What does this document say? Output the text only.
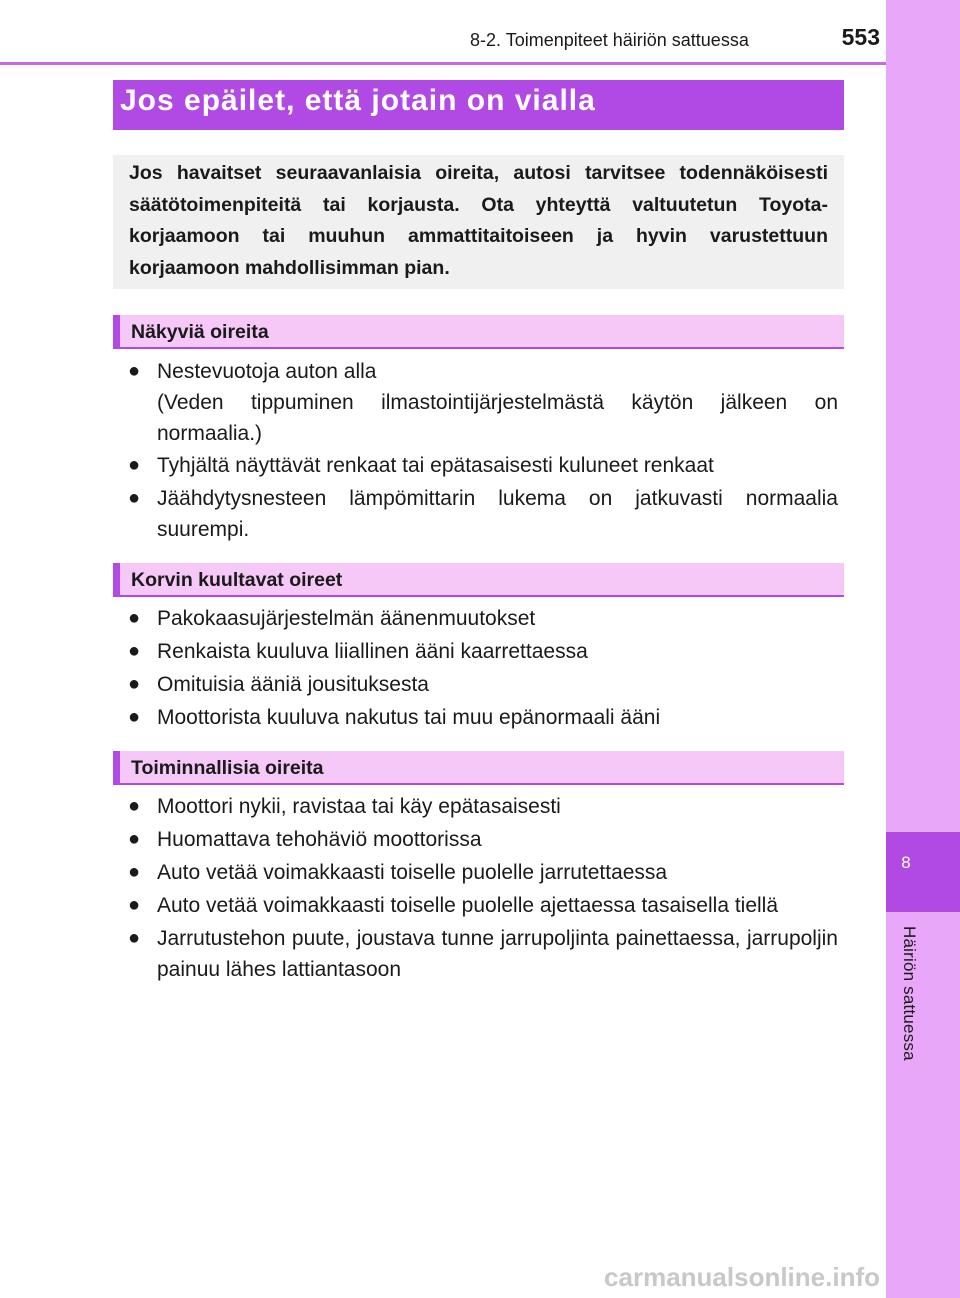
8
Häiriön sattuessa
8-2. Toimenpiteet häiriön sattuessa	553
Jos epäilet, että jotain on vialla
Jos havaitset seuraavanlaisia oireita, autosi tarvitsee todennäköisesti säätötoimenpiteitä tai korjausta. Ota yhteyttä valtuutetun Toyota-korjaamoon tai muuhun ammattitaitoiseen ja hyvin varustettuun korjaamoon mahdollisimman pian.
Näkyviä oireita
● Nestevuotoja auton alla
(Veden tippuminen ilmastointijärjestelmästä käytön jälkeen on normaalia.)
● Tyhjältä näyttävät renkaat tai epätasaisesti kuluneet renkaat
● Jäähdytysnesteen lämpömittarin lukema on jatkuvasti normaalia suurempi.
Korvin kuultavat oireet
● Pakokaasujärjestelmän äänenmuutokset
● Renkaista kuuluva liiallinen ääni kaarrettaessa
● Omituisia ääniä jousituksesta
● Moottorista kuuluva nakutus tai muu epänormaali ääni
Toiminnallisia oireita
● Moottori nykii, ravistaa tai käy epätasaisesti
● Huomattava tehohäviö moottorissa
● Auto vetää voimakkaasti toiselle puolelle jarrutettaessa
● Auto vetää voimakkaasti toiselle puolelle ajettaessa tasaisella tiellä
● Jarrutustehon puute, joustava tunne jarrupoljinta painettaessa, jarrupoljin painuu lähes lattiantasoon
carmanualsonline.info
